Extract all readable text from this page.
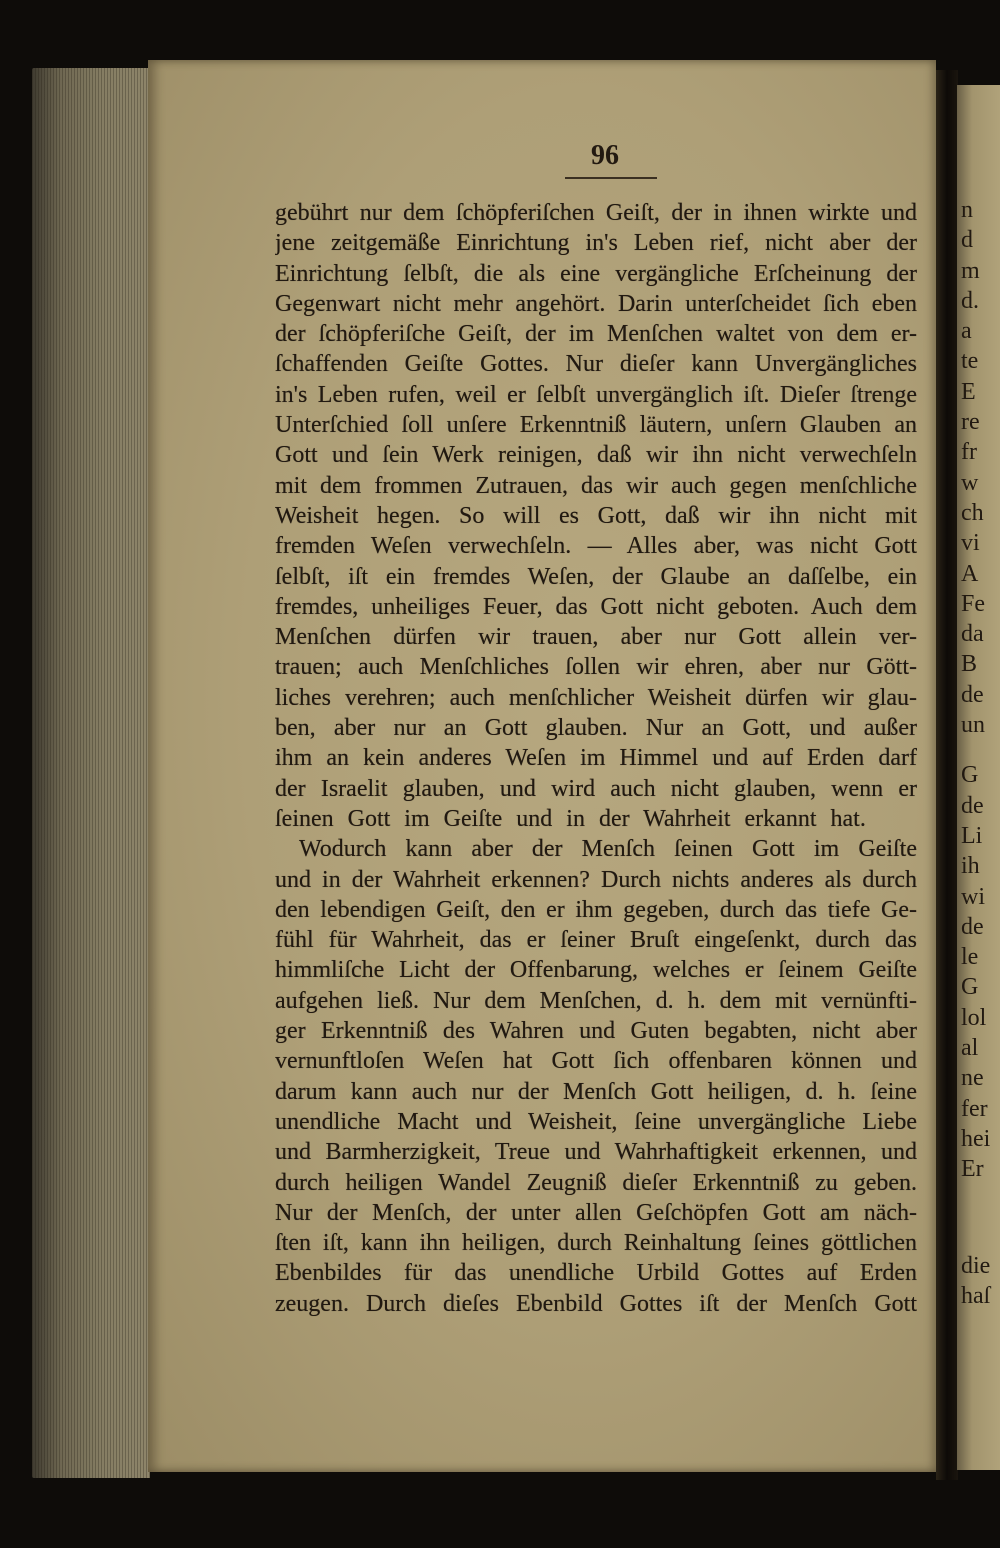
96
gebührt nur dem ſchöpferiſchen Geiſt, der in ihnen wirkte und
jene zeitgemäße Einrichtung in's Leben rief, nicht aber der
Einrichtung ſelbſt, die als eine vergängliche Erſcheinung der
Gegenwart nicht mehr angehört. Darin unterſcheidet ſich eben
der ſchöpferiſche Geiſt, der im Menſchen waltet von dem er-
ſchaffenden Geiſte Gottes. Nur dieſer kann Unvergängliches
in's Leben rufen, weil er ſelbſt unvergänglich iſt. Dieſer ſtrenge
Unterſchied ſoll unſere Erkenntniß läutern, unſern Glauben an
Gott und ſein Werk reinigen, daß wir ihn nicht verwechſeln
mit dem frommen Zutrauen, das wir auch gegen menſchliche
Weisheit hegen. So will es Gott, daß wir ihn nicht mit
fremden Weſen verwechſeln. — Alles aber, was nicht Gott
ſelbſt, iſt ein fremdes Weſen, der Glaube an daſſelbe, ein
fremdes, unheiliges Feuer, das Gott nicht geboten. Auch dem
Menſchen dürfen wir trauen, aber nur Gott allein ver-
trauen; auch Menſchliches ſollen wir ehren, aber nur Gött-
liches verehren; auch menſchlicher Weisheit dürfen wir glau-
ben, aber nur an Gott glauben. Nur an Gott, und außer
ihm an kein anderes Weſen im Himmel und auf Erden darf
der Israelit glauben, und wird auch nicht glauben, wenn er
ſeinen Gott im Geiſte und in der Wahrheit erkannt hat.
Wodurch kann aber der Menſch ſeinen Gott im Geiſte
und in der Wahrheit erkennen? Durch nichts anderes als durch
den lebendigen Geiſt, den er ihm gegeben, durch das tiefe Ge-
fühl für Wahrheit, das er ſeiner Bruſt eingeſenkt, durch das
himmliſche Licht der Offenbarung, welches er ſeinem Geiſte
aufgehen ließ. Nur dem Menſchen, d. h. dem mit vernünfti-
ger Erkenntniß des Wahren und Guten begabten, nicht aber
vernunftloſen Weſen hat Gott ſich offenbaren können und
darum kann auch nur der Menſch Gott heiligen, d. h. ſeine
unendliche Macht und Weisheit, ſeine unvergängliche Liebe
und Barmherzigkeit, Treue und Wahrhaftigkeit erkennen, und
durch heiligen Wandel Zeugniß dieſer Erkenntniß zu geben.
Nur der Menſch, der unter allen Geſchöpfen Gott am näch-
ſten iſt, kann ihn heiligen, durch Reinhaltung ſeines göttlichen
Ebenbildes für das unendliche Urbild Gottes auf Erden
zeugen. Durch dieſes Ebenbild Gottes iſt der Menſch Gott
n
d
m
d.
a
te
E
re
fr
w
ch
vi
A
Fe
da
B
de
un
G
de
Li
ih
wi
de
le
G
lol
al
ne
fer
hei
Er
die
haſ
